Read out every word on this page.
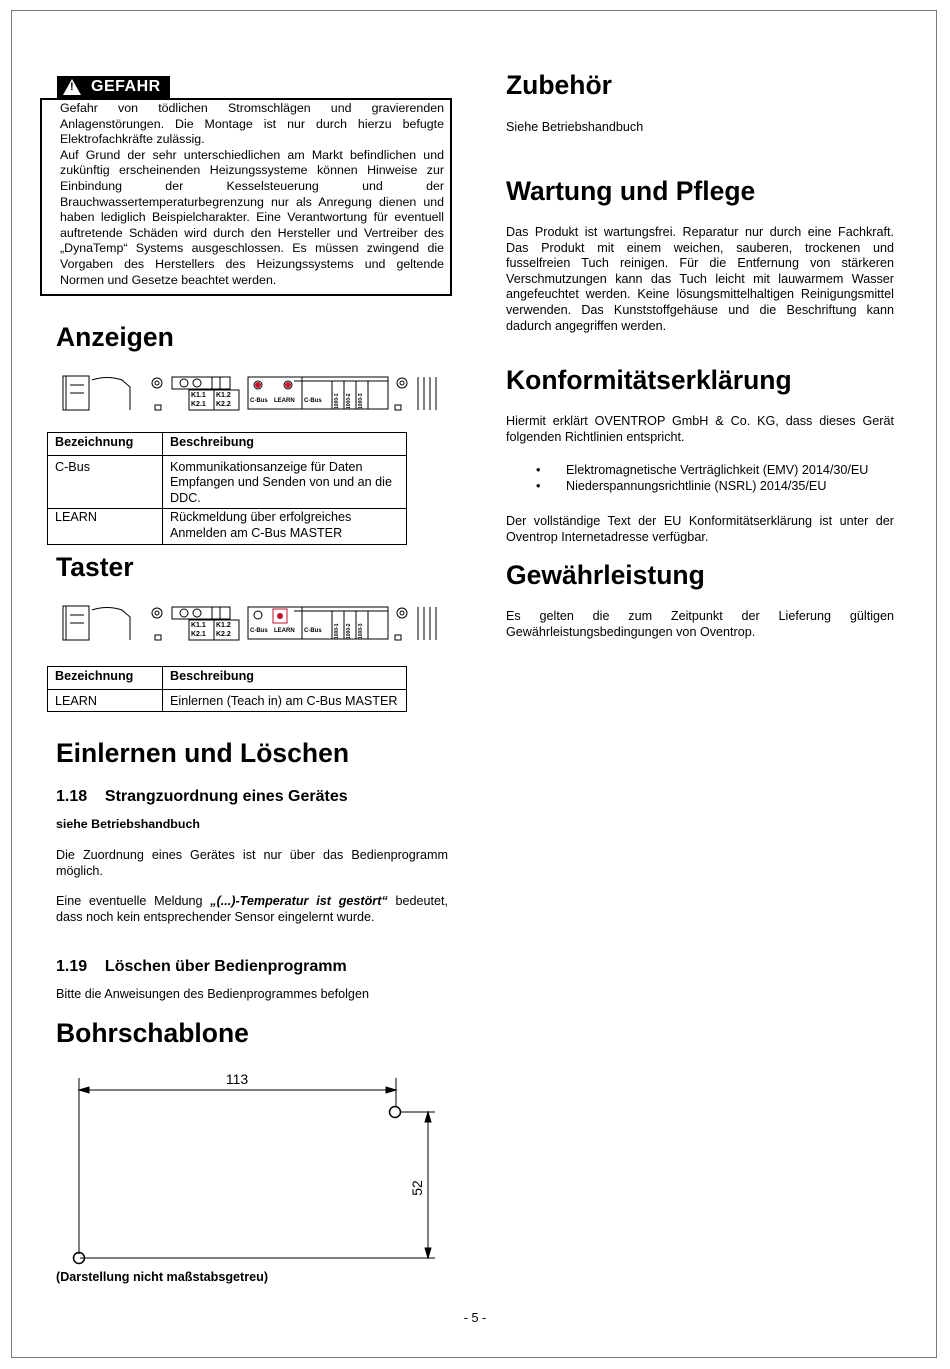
!
GEFAHR

Gefahr von tödlichen Stromschlägen und gravierenden Anlagenstörungen. Die Montage ist nur durch hierzu befugte Elektrofachkräfte zulässig.

Auf Grund der sehr unterschiedlichen am Markt befindlichen und zukünftig erscheinenden Heizungssysteme können Hinweise zur Einbindung der Kesselsteuerung und der Brauchwassertemperaturbegrenzung nur als Anregung dienen und haben lediglich Beispielcharakter. Eine Verantwortung für eventuell auftretende Schäden wird durch den Hersteller und Vertreiber des „DynaTemp“ Systems ausgeschlossen. Es müssen zwingend die Vorgaben des Herstellers des Heizungssystems und geltende Normen und Gesetze beachtet werden.

Anzeigen
K1.1 K1.2
K2.1 K2.2	C-Bus LEARN C-Bus 1000-1 1000-2 1000-3
Bezeichnung	Beschreibung
C-Bus	Kommunikationsanzeige für Daten Empfangen und Senden von und an die DDC.
LEARN	Rückmeldung über erfolgreiches Anmelden am C-Bus MASTER
Taster
K1.1 K1.2
K2.1 K2.2	C-Bus LEARN C-Bus 1000-1 1000-2 1000-3
Bezeichnung	Beschreibung
LEARN	Einlernen (Teach in) am C-Bus MASTER
Einlernen und Löschen
1.18 Strangzuordnung eines Gerätes
siehe Betriebshandbuch
Die Zuordnung eines Gerätes ist nur über das Bedienprogramm möglich.
Eine eventuelle Meldung „(...)-Temperatur ist gestört“ bedeutet, dass noch kein entsprechender Sensor eingelernt wurde.
1.19 Löschen über Bedienprogramm
Bitte die Anweisungen des Bedienprogrammes befolgen
Bohrschablone
113
52
(Darstellung nicht maßstabsgetreu)
Zubehör
Siehe Betriebshandbuch
Wartung und Pflege
Das Produkt ist wartungsfrei. Reparatur nur durch eine Fachkraft. Das Produkt mit einem weichen, sauberen, trockenen und fusselfreien Tuch reinigen. Für die Entfernung von stärkeren Verschmutzungen kann das Tuch leicht mit lauwarmem Wasser angefeuchtet werden. Keine lösungsmittelhaltigen Reinigungsmittel verwenden. Das Kunststoffgehäuse und die Beschriftung kann dadurch angegriffen werden.
Konformitätserklärung
Hiermit erklärt OVENTROP GmbH & Co. KG, dass dieses Gerät folgenden Richtlinien entspricht.
• Elektromagnetische Verträglichkeit (EMV) 2014/30/EU
• Niederspannungsrichtlinie (NSRL) 2014/35/EU
Der vollständige Text der EU Konformitätserklärung ist unter der Oventrop Internetadresse verfügbar.
Gewährleistung
Es gelten die zum Zeitpunkt der Lieferung gültigen Gewährleistungsbedingungen von Oventrop.
- 5 -
